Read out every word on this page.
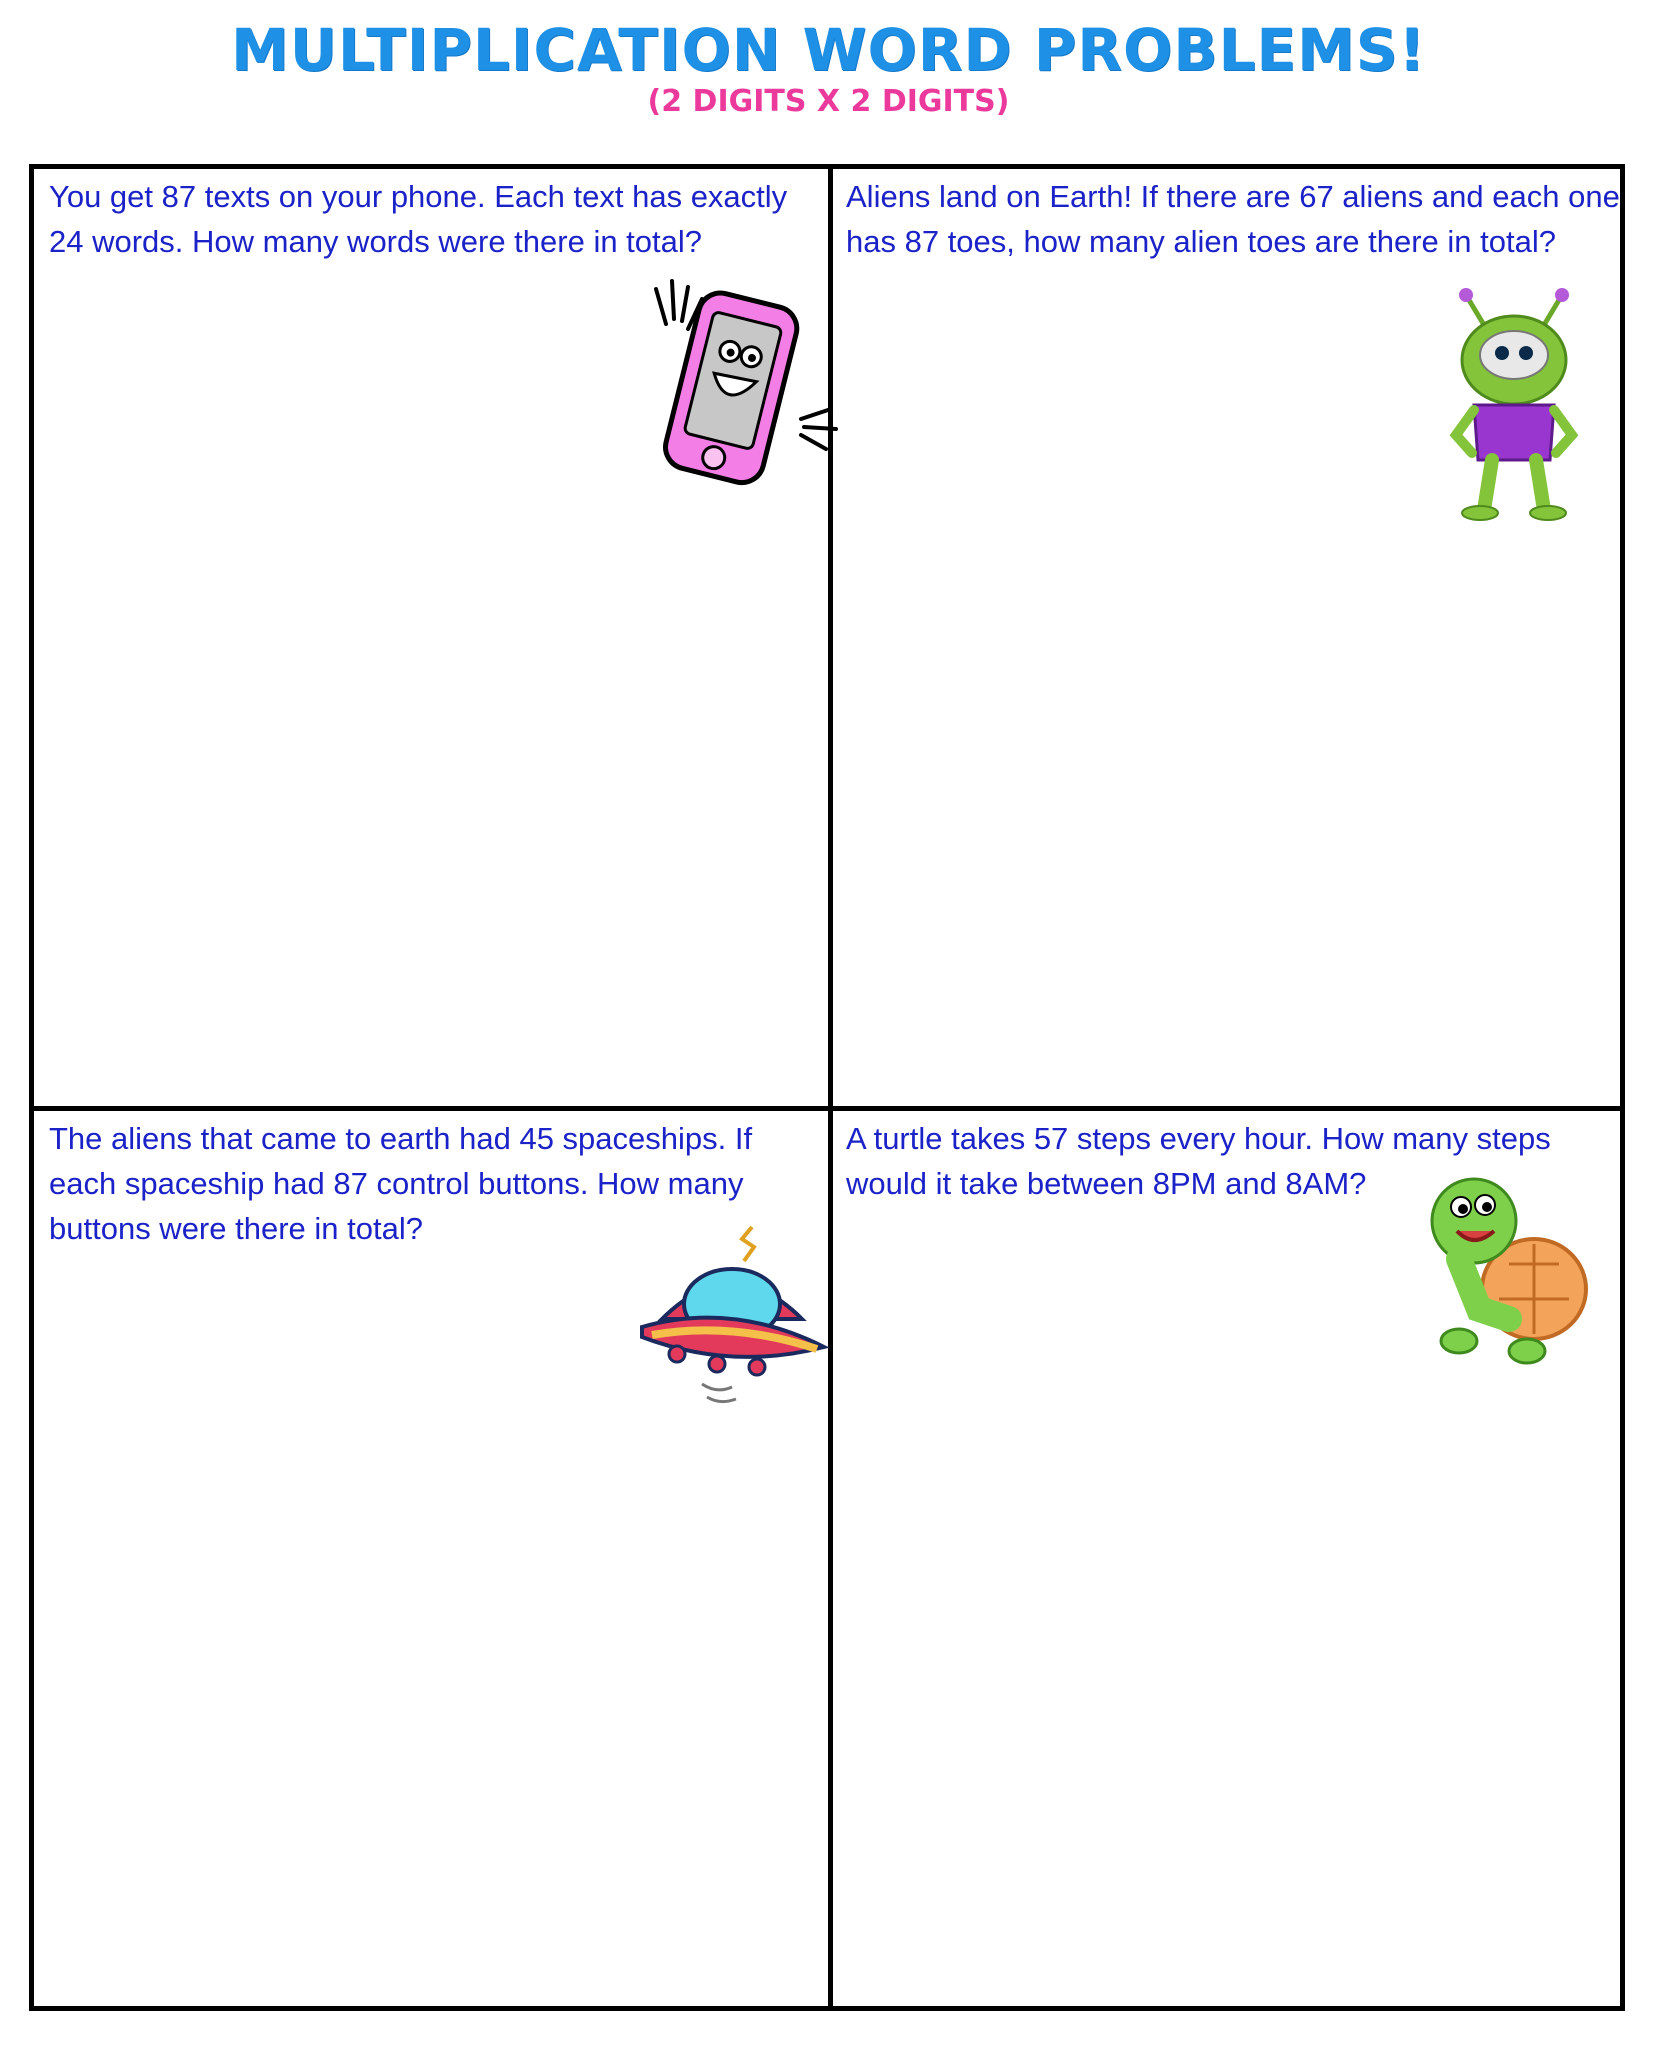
MULTIPLICATION WORD PROBLEMS!
(2 DIGITS X 2 DIGITS)

You get 87 texts on your phone. Each text has exactly 24 words. How many words were there in total?

Aliens land on Earth! If there are 67 aliens and each one has 87 toes, how many alien toes are there in total?

The aliens that came to earth had 45 spaceships. If each spaceship had 87 control buttons. How many buttons were there in total?

A turtle takes 57 steps every hour. How many steps would it take between 8PM and 8AM?
